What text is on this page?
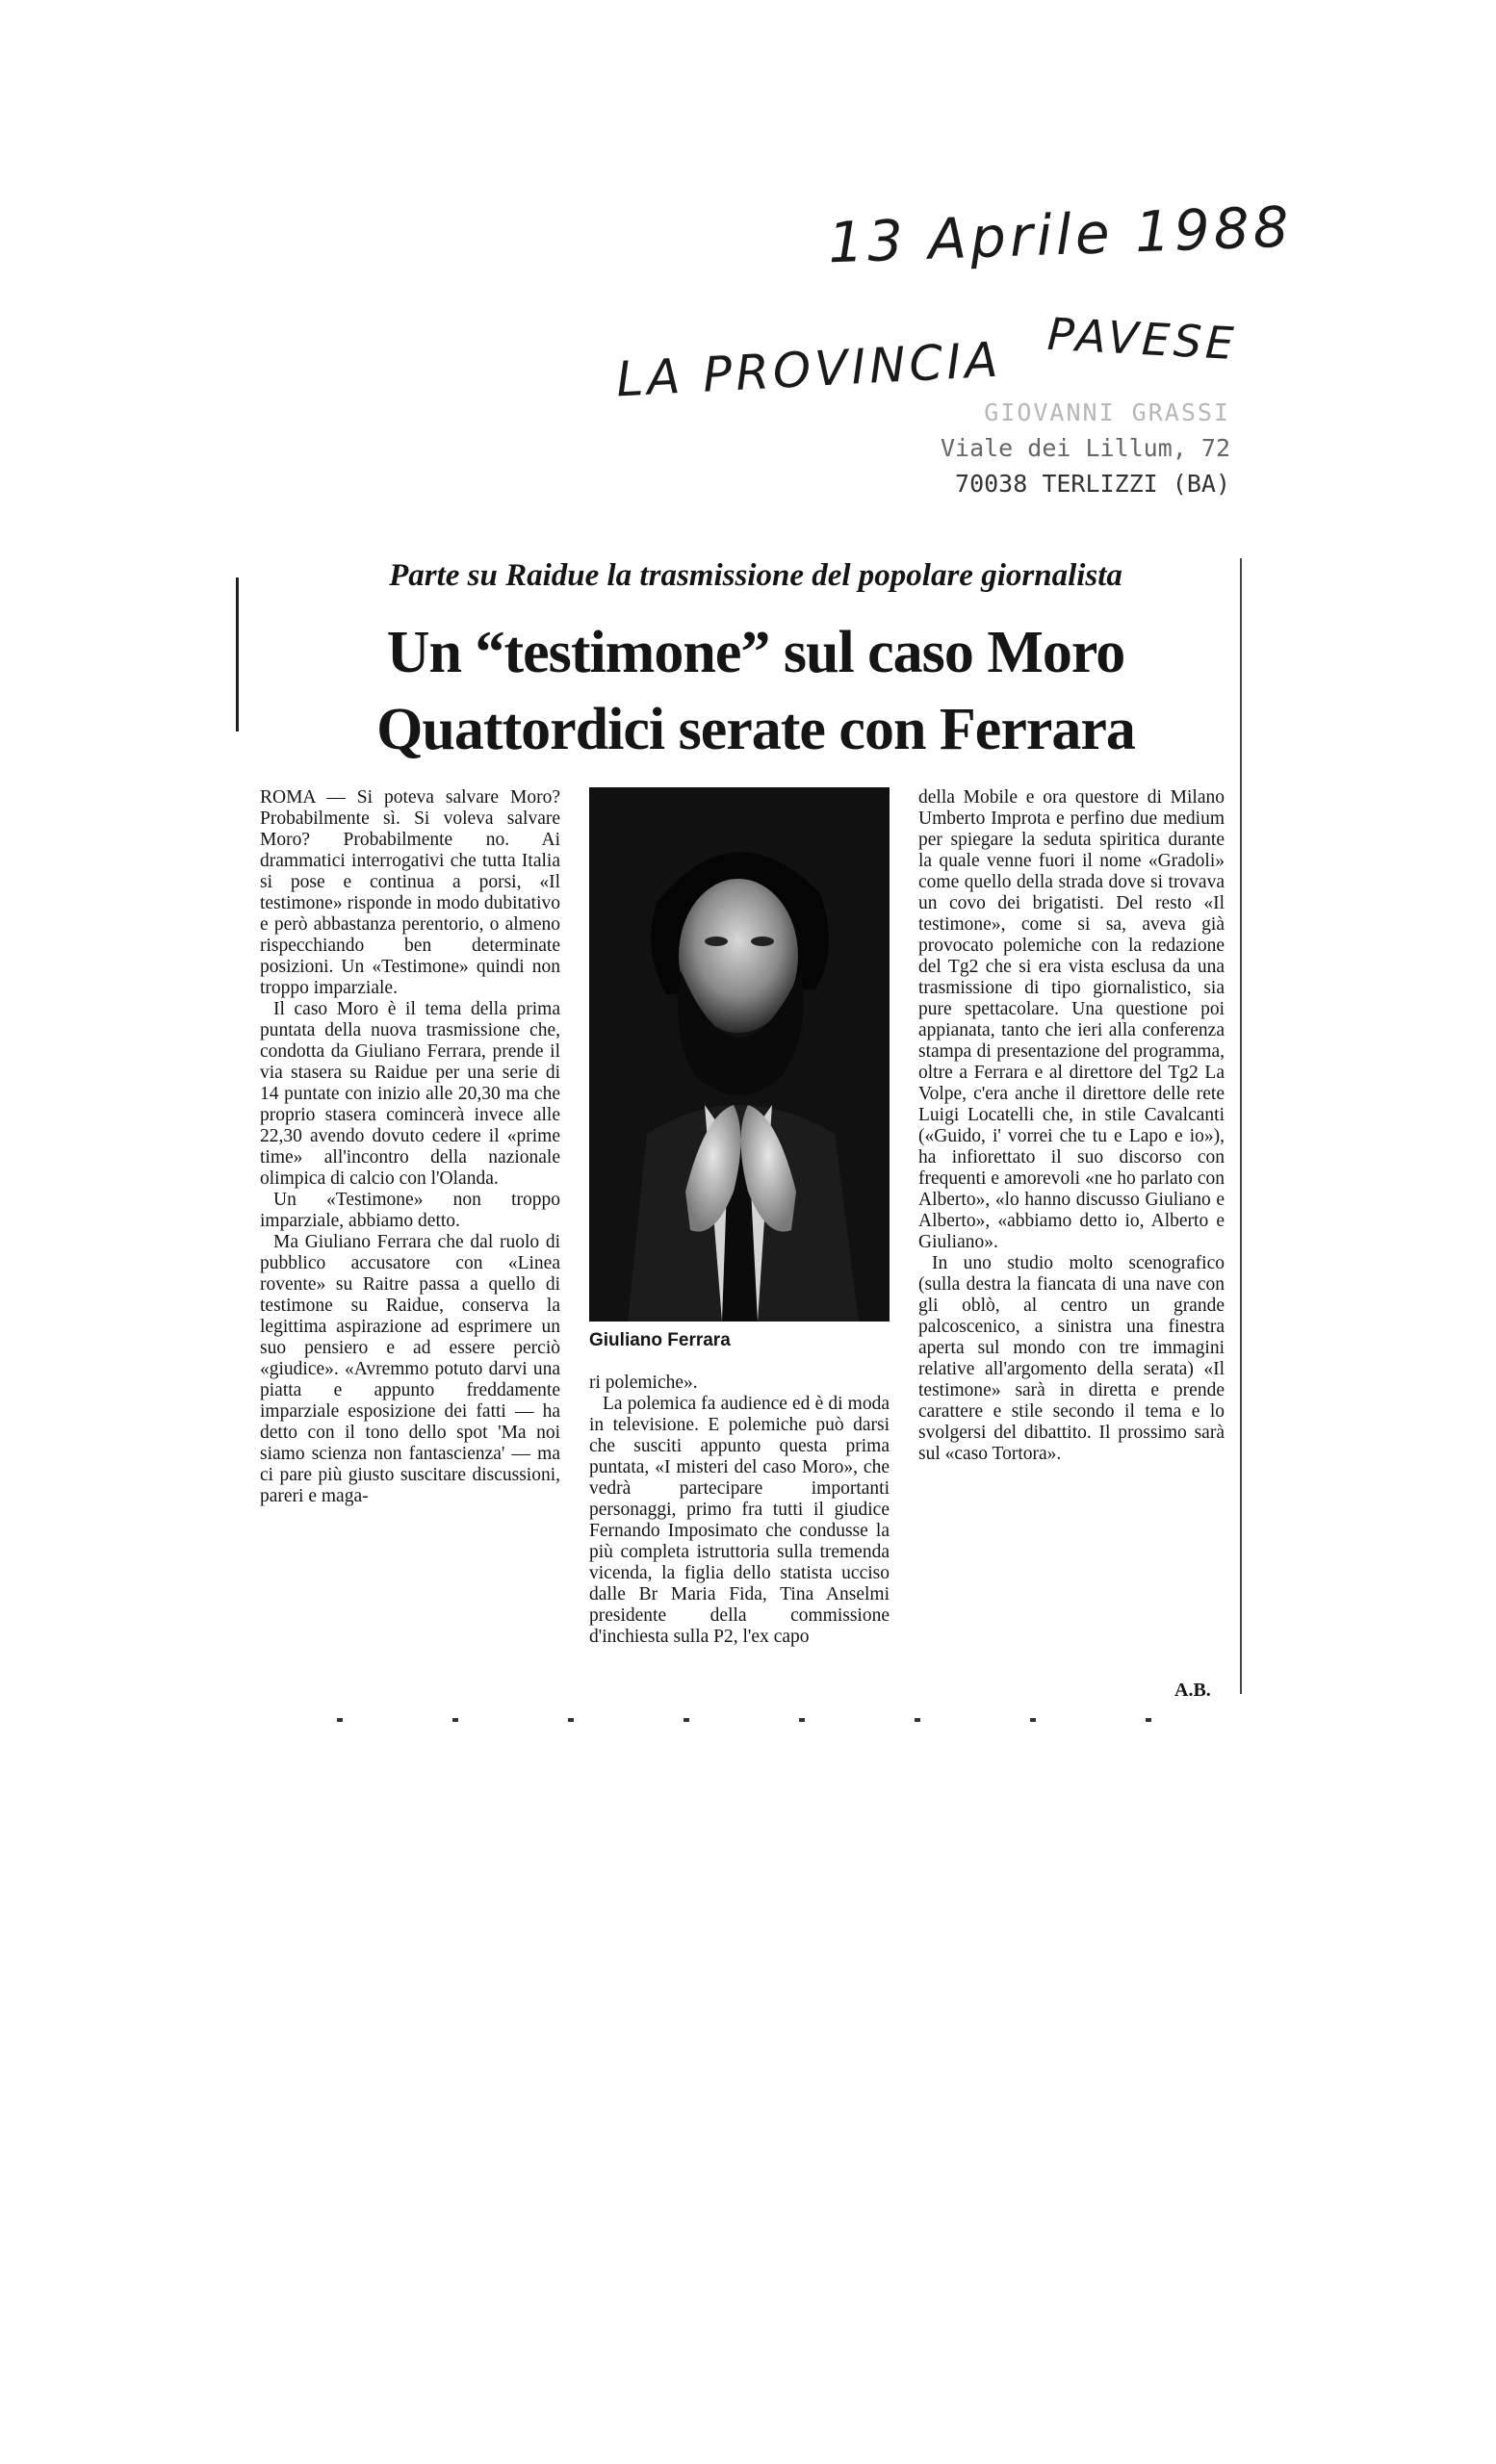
13 Aprile 1988
LA PROVINCIA PAVESE
GIOVANNI GRASSI
Viale dei Lillum, 72
70038 TERLIZZI (BA)
Parte su Raidue la trasmissione del popolare giornalista
Un “testimone” sul caso Moro
Quattordici serate con Ferrara

ROMA — Si poteva salvare Moro? Probabilmente sì. Si voleva salvare Moro? Probabilmente no. Ai drammatici interrogativi che tutta Italia si pose e continua a porsi, «Il testimone» risponde in modo dubitativo e però abbastanza perentorio, o almeno rispecchiando ben determinate posizioni. Un «Testimone» quindi non troppo imparziale.

Il caso Moro è il tema della prima puntata della nuova trasmissione che, condotta da Giuliano Ferrara, prende il via stasera su Raidue per una serie di 14 puntate con inizio alle 20,30 ma che proprio stasera comincerà invece alle 22,30 avendo dovuto cedere il «prime time» all'incontro della nazionale olimpica di calcio con l'Olanda.

Un «Testimone» non troppo imparziale, abbiamo detto.

Ma Giuliano Ferrara che dal ruolo di pubblico accusatore con «Linea rovente» su Raitre passa a quello di testimone su Raidue, conserva la legittima aspirazione ad esprimere un suo pensiero e ad essere perciò «giudice». «Avremmo potuto darvi una piatta e appunto freddamente imparziale esposizione dei fatti — ha detto con il tono dello spot 'Ma noi siamo scienza non fantascienza' — ma ci pare più giusto suscitare discussioni, pareri e maga-

Giuliano Ferrara

ri polemiche».

La polemica fa audience ed è di moda in televisione. E polemiche può darsi che susciti appunto questa prima puntata, «I misteri del caso Moro», che vedrà partecipare importanti personaggi, primo fra tutti il giudice Fernando Imposimato che condusse la più completa istruttoria sulla tremenda vicenda, la figlia dello statista ucciso dalle Br Maria Fida, Tina Anselmi presidente della commissione d'inchiesta sulla P2, l'ex capo

della Mobile e ora questore di Milano Umberto Improta e perfino due medium per spiegare la seduta spiritica durante la quale venne fuori il nome «Gradoli» come quello della strada dove si trovava un covo dei brigatisti. Del resto «Il testimone», come si sa, aveva già provocato polemiche con la redazione del Tg2 che si era vista esclusa da una trasmissione di tipo giornalistico, sia pure spettacolare. Una questione poi appianata, tanto che ieri alla conferenza stampa di presentazione del programma, oltre a Ferrara e al direttore del Tg2 La Volpe, c'era anche il direttore delle rete Luigi Locatelli che, in stile Cavalcanti («Guido, i' vorrei che tu e Lapo e io»), ha infiorettato il suo discorso con frequenti e amorevoli «ne ho parlato con Alberto», «lo hanno discusso Giuliano e Alberto», «abbiamo detto io, Alberto e Giuliano».

In uno studio molto scenografico (sulla destra la fiancata di una nave con gli oblò, al centro un grande palcoscenico, a sinistra una finestra aperta sul mondo con tre immagini relative all'argomento della serata) «Il testimone» sarà in diretta e prende carattere e stile secondo il tema e lo svolgersi del dibattito. Il prossimo sarà sul «caso Tortora».

A.B.
